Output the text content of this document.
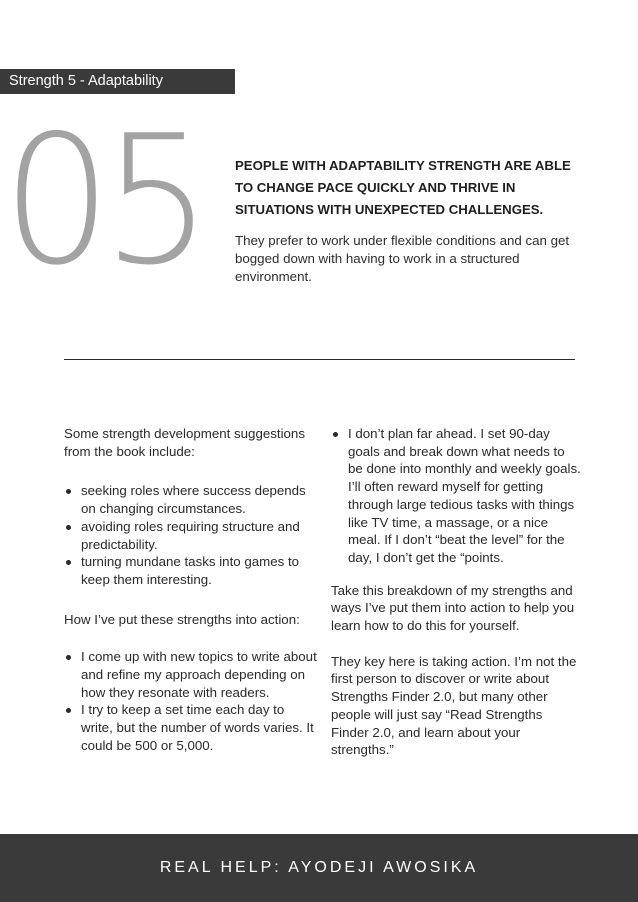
Strength 5 - Adaptability
05 PEOPLE WITH ADAPTABILITY STRENGTH ARE ABLE TO CHANGE PACE QUICKLY AND THRIVE IN SITUATIONS WITH UNEXPECTED CHALLENGES.

They prefer to work under flexible conditions and can get bogged down with having to work in a structured environment.

Some strength development suggestions from the book include:

seeking roles where success depends on changing circumstances.
avoiding roles requiring structure and predictability.
turning mundane tasks into games to keep them interesting.

How I’ve put these strengths into action:

I come up with new topics to write about and refine my approach depending on how they resonate with readers.
I try to keep a set time each day to write, but the number of words varies. It could be 500 or 5,000.
I don’t plan far ahead. I set 90-day goals and break down what needs to be done into monthly and weekly goals. I’ll often reward myself for getting through large tedious tasks with things like TV time, a massage, or a nice meal. If I don’t “beat the level” for the day, I don’t get the “points.

Take this breakdown of my strengths and ways I’ve put them into action to help you learn how to do this for yourself.

They key here is taking action. I’m not the first person to discover or write about Strengths Finder 2.0, but many other people will just say “Read Strengths Finder 2.0, and learn about your strengths.”

REAL HELP: AYODEJI AWOSIKA
